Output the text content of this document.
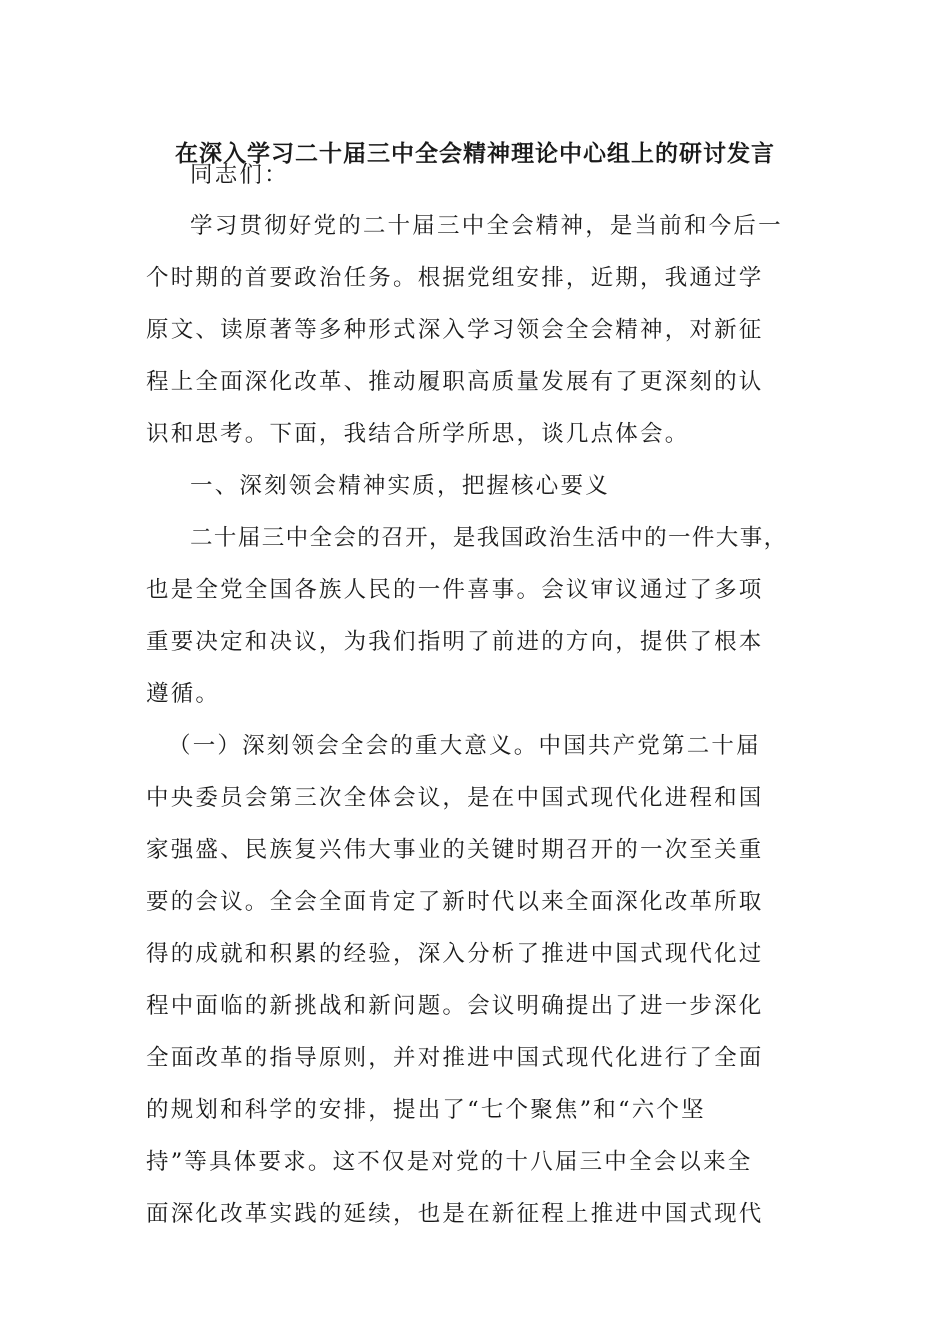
在深入学习二十届三中全会精神理论中心组上的研讨发言
同志们：
学习贯彻好党的二十届三中全会精神，是当前和今后一
个时期的首要政治任务。根据党组安排，近期，我通过学
原文、读原著等多种形式深入学习领会全会精神，对新征
程上全面深化改革、推动履职高质量发展有了更深刻的认
识和思考。下面，我结合所学所思，谈几点体会。
一、深刻领会精神实质，把握核心要义
二十届三中全会的召开，是我国政治生活中的一件大事，
也是全党全国各族人民的一件喜事。会议审议通过了多项
重要决定和决议，为我们指明了前进的方向，提供了根本
遵循。
（一）深刻领会全会的重大意义。中国共产党第二十届
中央委员会第三次全体会议，是在中国式现代化进程和国
家强盛、民族复兴伟大事业的关键时期召开的一次至关重
要的会议。全会全面肯定了新时代以来全面深化改革所取
得的成就和积累的经验，深入分析了推进中国式现代化过
程中面临的新挑战和新问题。会议明确提出了进一步深化
全面改革的指导原则，并对推进中国式现代化进行了全面
的规划和科学的安排，提出了“七个聚焦”和“六个坚
持”等具体要求。这不仅是对党的十八届三中全会以来全
面深化改革实践的延续，也是在新征程上推进中国式现代
